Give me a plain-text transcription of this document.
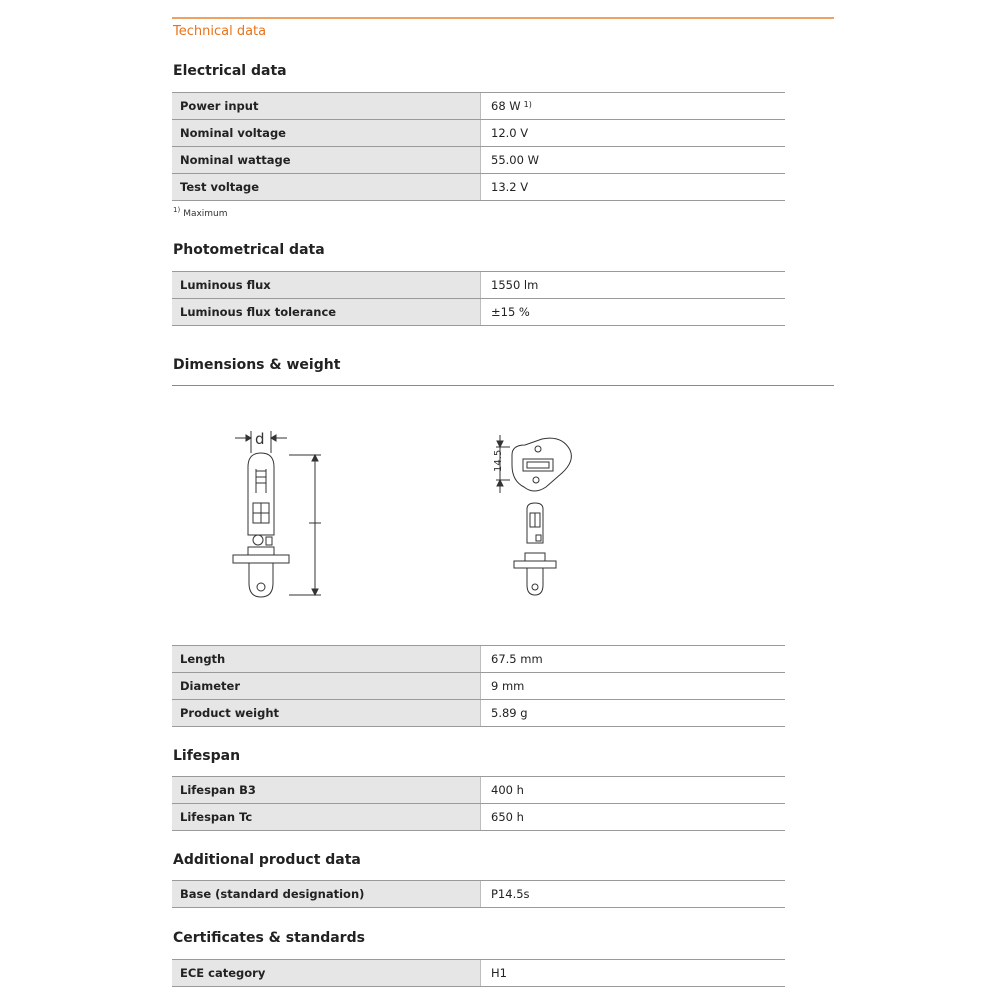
Technical data
Electrical data
Power input	68 W $^{1)}$
Nominal voltage	12.0 V
Nominal wattage	55.00 W
Test voltage	13.2 V
$^{1)}$ Maximum
Photometrical data
Luminous flux	1550 lm
Luminous flux tolerance	±15 %
Dimensions & weight
d
14.5
Length	67.5 mm
Diameter	9 mm
Product weight	5.89 g
Lifespan
Lifespan B3	400 h
Lifespan Tc	650 h
Additional product data
Base (standard designation)	P14.5s
Certificates & standards
ECE category	H1
